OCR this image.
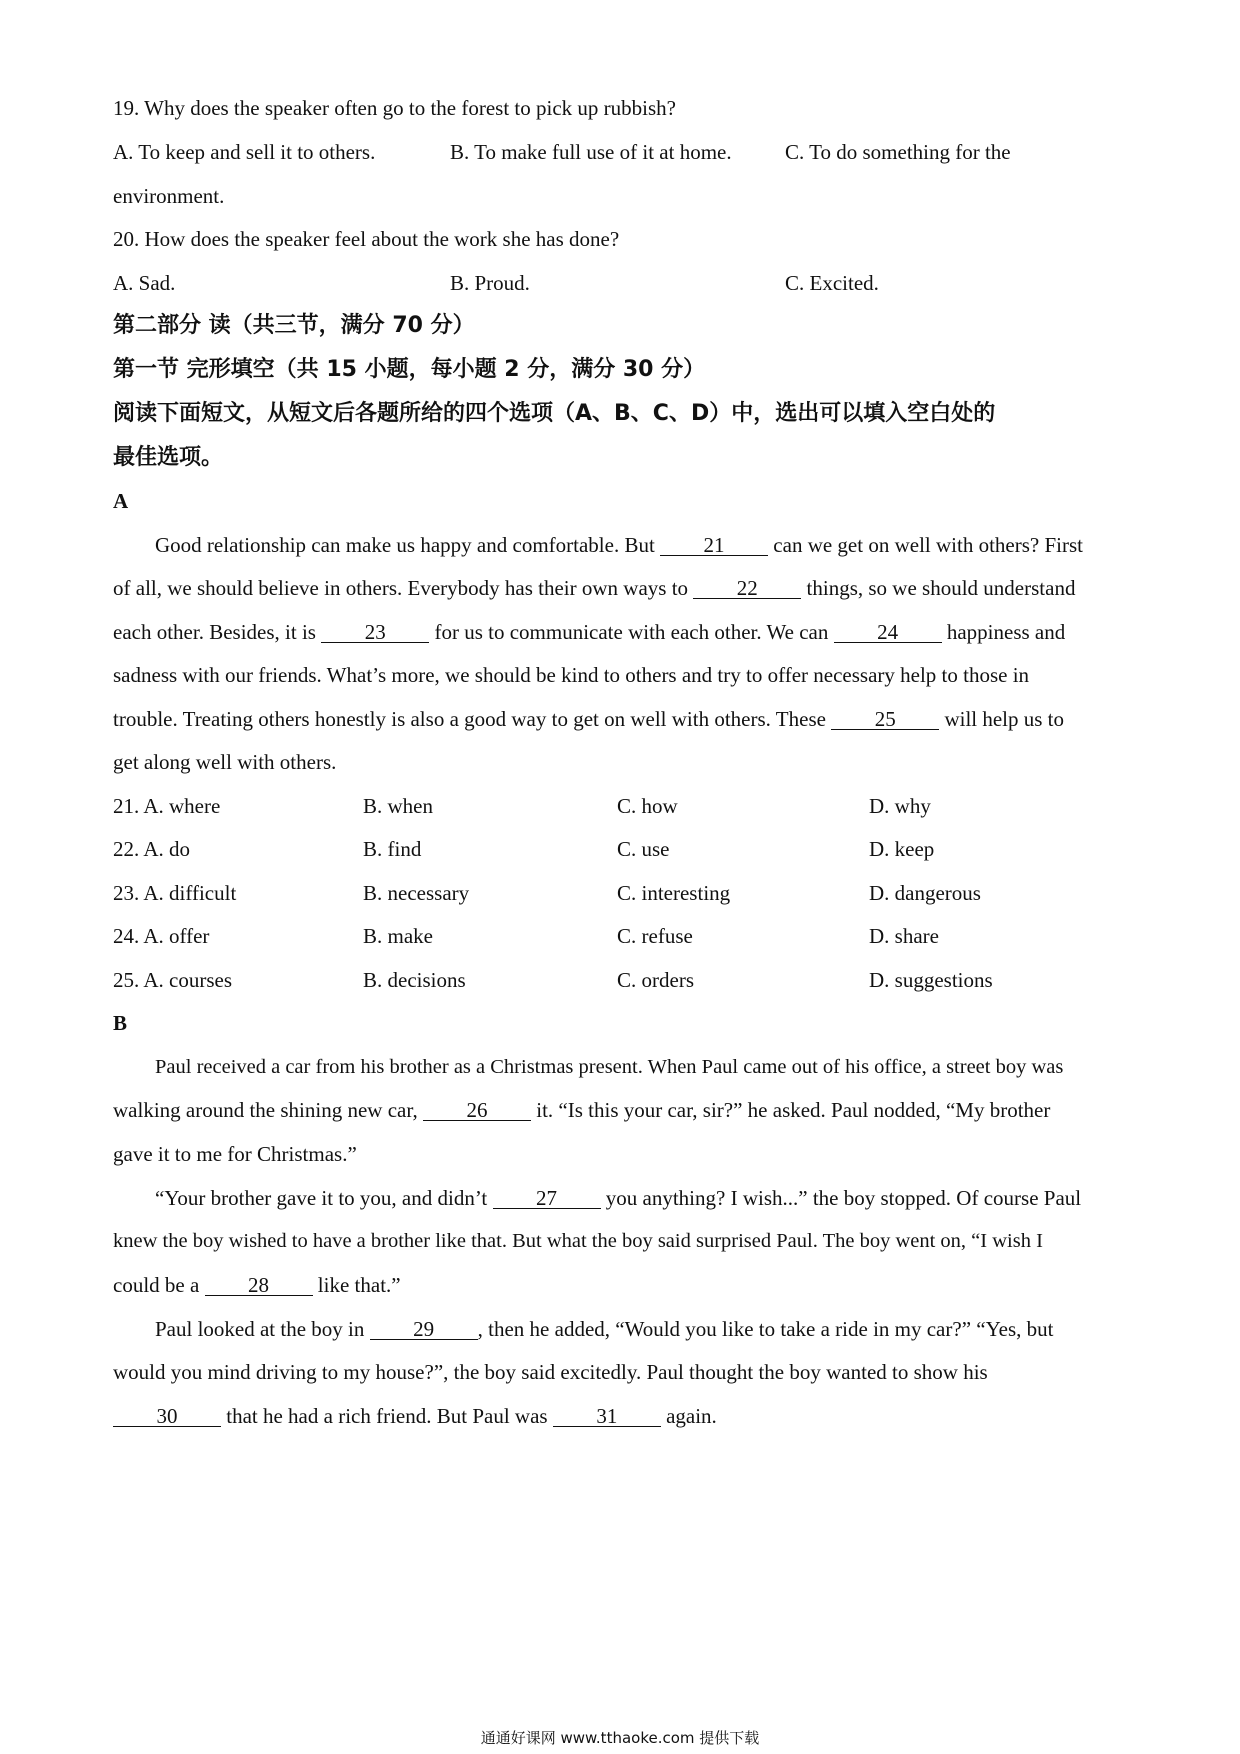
19. Why does the speaker often go to the forest to pick up rubbish?
A. To keep and sell it to others.	B. To make full use of it at home.	C. To do something for the
environment.
20. How does the speaker feel about the work she has done?
A. Sad.	B. Proud.	C. Excited.
第二部分 读（共三节，满分 70 分）
第一节 完形填空（共 15 小题，每小题 2 分，满分 30 分）
阅读下面短文，从短文后各题所给的四个选项（A、B、C、D）中，选出可以填入空白处的
最佳选项。
A
Good relationship can make us happy and comfortable. But 21 can we get on well with others? First
of all, we should believe in others. Everybody has their own ways to 22 things, so we should understand
each other. Besides, it is 23 for us to communicate with each other. We can 24 happiness and
sadness with our friends. What’s more, we should be kind to others and try to offer necessary help to those in
trouble. Treating others honestly is also a good way to get on well with others. These 25 will help us to
get along well with others.
21. A. where	B. when	C. how	D. why
22. A. do	B. find	C. use	D. keep
23. A. difficult	B. necessary	C. interesting	D. dangerous
24. A. offer	B. make	C. refuse	D. share
25. A. courses	B. decisions	C. orders	D. suggestions
B
Paul received a car from his brother as a Christmas present. When Paul came out of his office, a street boy was
walking around the shining new car, 26 it. “Is this your car, sir?” he asked. Paul nodded, “My brother
gave it to me for Christmas.”
“Your brother gave it to you, and didn’t 27 you anything? I wish...” the boy stopped. Of course Paul
knew the boy wished to have a brother like that. But what the boy said surprised Paul. The boy went on, “I wish I
could be a 28 like that.”
Paul looked at the boy in 29 , then he added, “Would you like to take a ride in my car?” “Yes, but
would you mind driving to my house?”, the boy said excitedly. Paul thought the boy wanted to show his
30 that he had a rich friend. But Paul was 31 again.
通通好课网 www.tthaoke.com 提供下载
